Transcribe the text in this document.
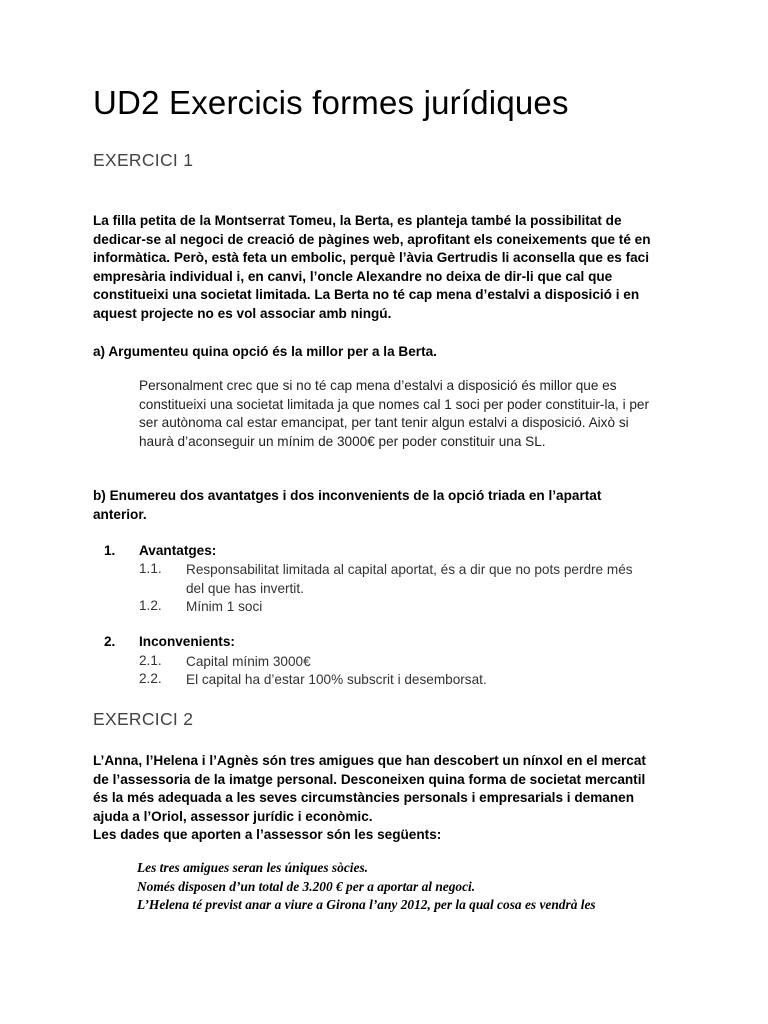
UD2 Exercicis formes jurídiques
EXERCICI 1
La filla petita de la Montserrat Tomeu, la Berta, es planteja també la possibilitat de
dedicar-se al negoci de creació de pàgines web, aprofitant els coneixements que té en
informàtica. Però, està feta un embolic, perquè l’àvia Gertrudis li aconsella que es faci
empresària individual i, en canvi, l’oncle Alexandre no deixa de dir-li que cal que
constitueixi una societat limitada. La Berta no té cap mena d’estalvi a disposició i en
aquest projecte no es vol associar amb ningú.
a) Argumenteu quina opció és la millor per a la Berta.
Personalment crec que si no té cap mena d’estalvi a disposició és millor que es
constitueixi una societat limitada ja que nomes cal 1 soci per poder constituir-la, i per
ser autònoma cal estar emancipat, per tant tenir algun estalvi a disposició. Això si
haurà d’aconseguir un mínim de 3000€ per poder constituir una SL.
b) Enumereu dos avantatges i dos inconvenients de la opció triada en l’apartat
anterior.
1. Avantatges:
1.1. Responsabilitat limitada al capital aportat, és a dir que no pots perdre més
del que has invertit.
1.2. Mínim 1 soci
2. Inconvenients:
2.1. Capital mínim 3000€
2.2. El capital ha d’estar 100% subscrit i desemborsat.
EXERCICI 2
L’Anna, l’Helena i l’Agnès són tres amigues que han descobert un nínxol en el mercat
de l’assessoria de la imatge personal. Desconeixen quina forma de societat mercantil
és la més adequada a les seves circumstàncies personals i empresarials i demanen
ajuda a l’Oriol, assessor jurídic i econòmic.
Les dades que aporten a l’assessor són les següents:
Les tres amigues seran les úniques sòcies.
Només disposen d’un total de 3.200 € per a aportar al negoci.
L’Helena té previst anar a viure a Girona l’any 2012, per la qual cosa es vendrà les
